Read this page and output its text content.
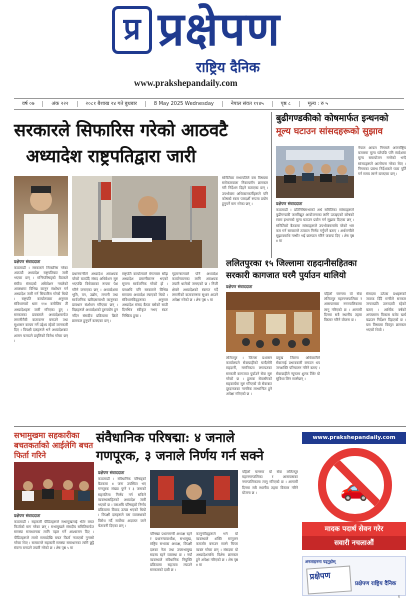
प्र प्रक्षेपण
राष्ट्रिय दैनिक
www.prakshepandaily.com
वर्ष ०७	अंक २२२	२०८१ बैशाख २४ गते बुधबार	8 May 2025 Wednesday	नेपाल संवत ११४५	पृष्ठ ८	मूल्य : रु ५
सरकारले सिफारिस गरेको आठवटै
अध्यादेश राष्ट्रपतिद्वारा जारी
प्रक्षेपण संवाददाता
काठमाडौं । सरकारले सिफारिस गरेका आठवटै अध्यादेश राष्ट्रपतिबाट जारी भएका छन् । मन्त्रिपरिषद्को बैठकले संघीय संसदको अधिवेशन नचलेको अवस्थामा विभिन्न कानुन संशोधन गर्न अध्यादेश जारी गर्न सिफारिस गरेको थियो । राष्ट्रपति कार्यालयका अनुसार संविधानको धारा ११४ बमोजिम ती अध्यादेशहरू जारी गरिएका हुन् । सरकारका प्रवक्ताले अध्यादेशमार्फत लगानीमैत्री वातावरण बनाउने तथा सुशासन कायम गर्ने उद्देश्य रहेको जानकारी दिए । विपक्षी दलहरूले भने अध्यादेशबाट शासन चलाउने प्रवृत्तिको विरोध गरेका छन् ।
प्रधानमन्त्रीले अध्यादेश आवश्यक परेको बताउँदै संसद अधिवेशन सुरु भएपछि विधेयकका रूपमा पेश गरिने जनाएका छन् । अध्यादेशमा भूमि, वन, उद्योग, लगानी तथा सार्वजनिक खरिदसम्बन्धी कानुनका प्रावधान संशोधन गरिएका छन् । विज्ञहरूले अध्यादेशको दुरुपयोग हुन नदिन संसदीय प्रक्रियामा छिटो छलफल हुनुपर्ने बताएका छन् ।
राष्ट्रपति कार्यालयले मंगलबार साँझ अध्यादेश प्रमाणीकरण भएको सूचना सार्वजनिक गरेको हो । यसअघि पनि सरकारले विभिन्न समयमा अध्यादेश ल्याएको थियो । संविधानविद्हरूका अनुसार अध्यादेश संसद बैठक बसेको साठी दिनभित्र स्वीकृत नभए स्वतः निष्क्रिय हुन्छ ।
गृहमन्त्रालयले पनि अध्यादेश कार्यान्वयनका लागि आवश्यक तयारी थालेको जनाएको छ । निजी क्षेत्रले अध्यादेशको स्वागत गर्दै लगानीको वातावरणमा सुधार आउने अपेक्षा गरेको छ । शेष पृष्ठ ५ मा
समितिका सभापतिले यस विषयमा सरोकारवाला निकायसँग छलफल गरी निर्देशन दिइने बताएका छन् । उपभोक्ता अधिकारकर्मीहरूले पनि कोषको रकम पारदर्शी रूपमा प्रयोग हुनुपर्ने माग गरेका छन् ।
बुढीगण्डकीको कोषमार्फत इन्धनको
मूल्य घटाउन सांसदहरूको सुझाव
प्रक्षेपण संवाददाता
काठमाडौं । प्रतिनिधिसभाको अर्थ समितिका सांसदहरूले बुढीगण्डकी जलविद्युत आयोजनाका लागि उठाइएको कोषको रकम इन्धनको मूल्य घटाउन प्रयोग गर्न सुझाव दिएका छन् । समितिको बैठकमा सांसदहरूले उपभोक्तामाथि परेको भार कम गर्न सरकारले तत्काल निर्णय गर्नुपर्ने बताए । अर्थमन्त्रीले सुझावमाथि गम्भीर भई छलफल गरिने जवाफ दिए । शेष पृष्ठ ४ मा
नेपाल आयल निगमले अन्तर्राष्ट्रिय बजारमा मूल्य घटेपछि पनि स्वदेशमा मूल्य समायोजन नगरेको भन्दै सांसदहरूले आलोचना गरेका थिए । निगमका प्रबन्ध निर्देशकले घाटा पूर्ति गर्न समय लाग्ने बताएका छन् ।
ललितपुरका १५ जिल्लामा राहदानीसहितका
सरकारी कागजात घरमै पुर्याउन थालियो
प्रक्षेपण संवाददाता
ललितपुर । जिल्ला प्रशासन कार्यालयले सेवाग्राहीको घरदैलोमै राहदानी, नागरिकता लगायतका सरकारी कागजात पुर्याउने सेवा सुरु गरेको छ । हुलाक सेवासँगको सहकार्यमा सुरु गरिएको यो सेवाबाट दूरदराजका नागरिक लाभान्वित हुने अपेक्षा गरिएको छ ।
प्रमुख जिल्ला अधिकारीले सेवालाई प्रभावकारी बनाउन थप जनशक्ति परिचालन गरिने बताए । सेवाग्राहीले न्यूनतम शुल्क तिरेर यो सुविधा लिन सक्नेछन् ।
पहिलो चरणमा यो सेवा ललितपुर महानगरपालिका र आसपासका नगरपालिकामा लागू गरिएको छ । आगामी दिनमा सबै स्थानीय तहमा विस्तार गरिने योजना छ ।
संसदमा उठेका प्रश्नहरूको जवाफ दिँदै मन्त्रीले सरकार जनताप्रति उत्तरदायी रहेको बताए । आर्थिक वर्षको अन्त्यसम्म विकास बजेट खर्च बढाउन निर्देशन दिइएको छ । यस विषयमा विस्तृत छलफल भएको थियो ।
सभामुखमा सहकारीका बचतकर्ताको आईलेगि बचत फिर्ता गरिने
प्रक्षेपण संवाददाता
काठमाडौं । सहकारी पीडितहरूले सभामुखलाई भेटेर बचत फिर्ताको माग गरेका छन् । सभामुखले संसदीय समितिमार्फत समस्या समाधानका लागि पहल गर्ने आश्वासन दिए । पीडितहरूले लामो समयदेखि बचत फिर्ता नपाएको गुनासो गरेका थिए । सरकारले सहकारी समस्या समाधानका लागि छुट्टै संयन्त्र बनाउने तयारी गरेको छ । शेष पृष्ठ ५ मा
संवैधानिक परिषद्मा: ४ जनाले
गणपूरक, ३ जनाले निर्णय गर्न सक्ने
प्रक्षेपण संवाददाता
काठमाडौं । संवैधानिक परिषद्को बैठकमा ४ जना उपस्थित भए गणपूरक संख्या पुग्ने र ३ जनाको सहमतिमा निर्णय गर्न सकिने व्यवस्थासहितको अध्यादेश जारी भएको छ । यसअघि परिषद्को निर्णय प्रक्रियामा विवाद उत्पन्न भएको थियो । विपक्षी दलहरूले यस व्यवस्थाको विरोध गर्दै सर्वोच्च अदालत जाने चेतावनी दिएका छन् ।
परिषद्मा प्रधानमन्त्री अध्यक्ष रहने र प्रधानन्यायाधीश, सभामुख, राष्ट्रिय सभाका अध्यक्ष, विपक्षी दलका नेता तथा उपसभामुख सदस्य रहने व्यवस्था छ । नयाँ व्यवस्थाले संवैधानिक नियुक्ति प्रक्रियामा सहजता ल्याउने सरकारको दाबी छ ।
कानुनविद्हरूले भने यो व्यवस्थाले शक्ति सन्तुलन कमजोर बनाउन सक्ने चिन्ता व्यक्त गरेका छन् । संसदमा यो अध्यादेशमाथि विशेष छलफल हुने अपेक्षा गरिएको छ । शेष पृष्ठ ४ मा
पहिलो चरणमा यो सेवा ललितपुर महानगरपालिका र आसपासका नगरपालिकामा लागू गरिएको छ । आगामी दिनमा सबै स्थानीय तहमा विस्तार गरिने योजना छ ।
www.prakshepandaily.com
🚗
मादक पदार्थ सेवन गरेर
सवारी नचलाऔं
अनलाइनमा पढ्नुहोस्
प्रक्षेपण
प्रक्षेपण राष्ट्रिय दैनिक
१
